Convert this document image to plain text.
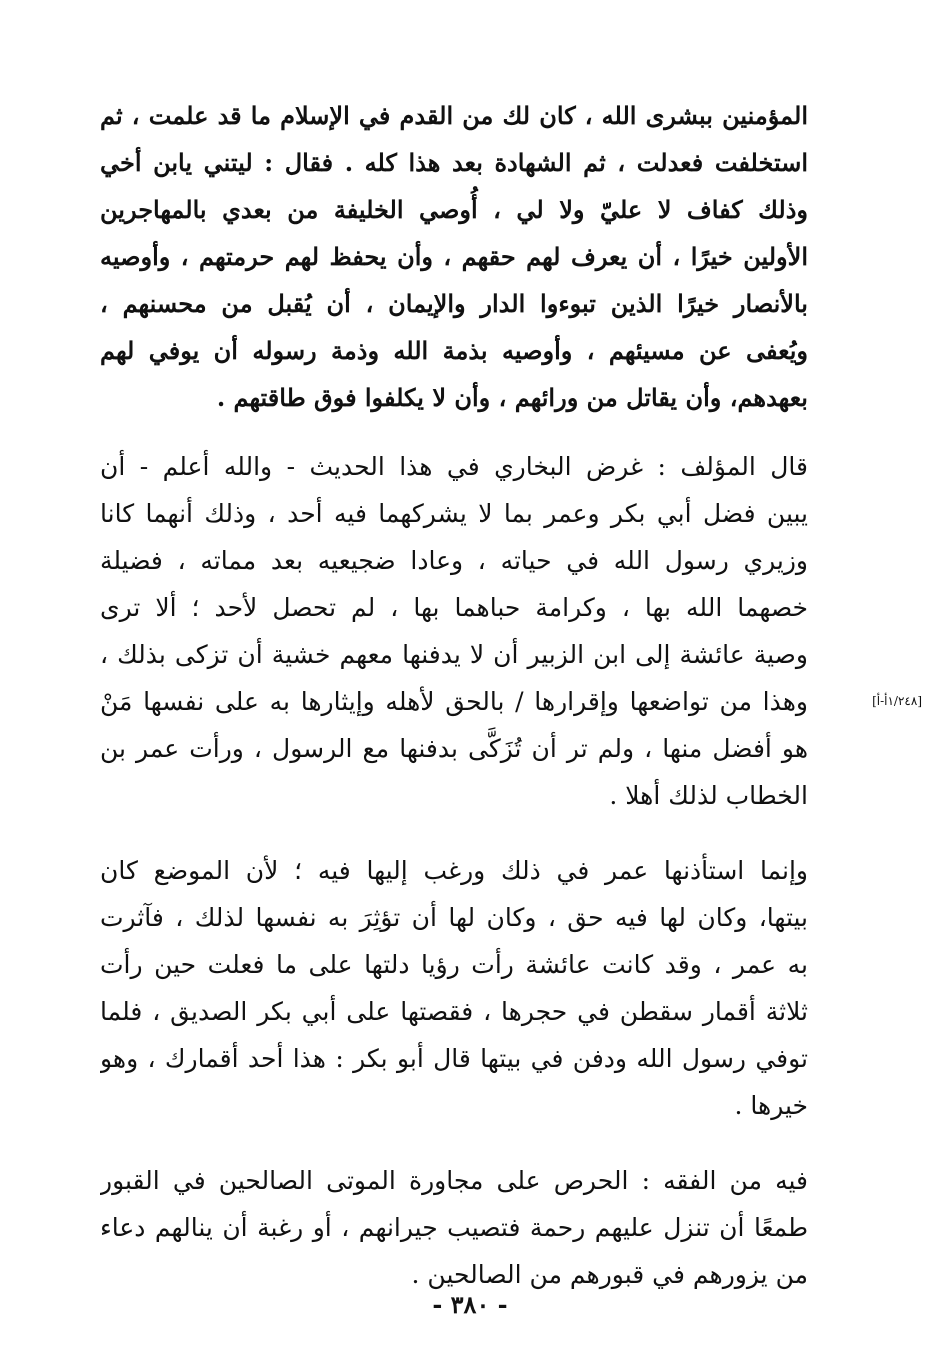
المؤمنين ببشرى الله ، كان لك من القدم في الإسلام ما قد علمت ، ثم
استخلفت فعدلت ، ثم الشهادة بعد هذا كله . فقال : ليتني يابن أخي
وذلك كفاف لا عليّ ولا لي ، أُوصي الخليفة من بعدي بالمهاجرين
الأولين خيرًا ، أن يعرف لهم حقهم ، وأن يحفظ لهم حرمتهم ، وأوصيه
بالأنصار خيرًا الذين تبوءوا الدار والإيمان ، أن يُقبل من محسنهم ،
ويُعفى عن مسيئهم ، وأوصيه بذمة الله وذمة رسوله أن يوفي لهم
بعهدهم، وأن يقاتل من ورائهم ، وأن لا يكلفوا فوق طاقتهم .
قال المؤلف : غرض البخاري في هذا الحديث - والله أعلم - أن
يبين فضل أبي بكر وعمر بما لا يشركهما فيه أحد ، وذلك أنهما كانا
وزيري رسول الله في حياته ، وعادا ضجيعيه بعد مماته ، فضيلة
خصهما الله بها ، وكرامة حباهما بها ، لم تحصل لأحد ؛ ألا ترى
وصية عائشة إلى ابن الزبير أن لا يدفنها معهم خشية أن تزكى بذلك ،
وهذا من تواضعها وإقرارها / بالحق لأهله وإيثارها به على نفسها مَنْ
هو أفضل منها ، ولم تر أن تُزَكَّى بدفنها مع الرسول ، ورأت عمر بن
الخطاب لذلك أهلا .
وإنما استأذنها عمر في ذلك ورغب إليها فيه ؛ لأن الموضع كان
بيتها، وكان لها فيه حق ، وكان لها أن تؤثِرَ به نفسها لذلك ، فآثرت
به عمر ، وقد كانت عائشة رأت رؤيا دلتها على ما فعلت حين رأت
ثلاثة أقمار سقطن في حجرها ، فقصتها على أبي بكر الصديق ، فلما
توفي رسول الله ودفن في بيتها قال أبو بكر : هذا أحد أقمارك ، وهو
خيرها .
فيه من الفقه : الحرص على مجاورة الموتى الصالحين في القبور
طمعًا أن تنزل عليهم رحمة فتصيب جيرانهم ، أو رغبة أن ينالهم دعاء
من يزورهم في قبورهم من الصالحين .
[١/٢٤٨أ-أ]
- ٣٨٠ -
